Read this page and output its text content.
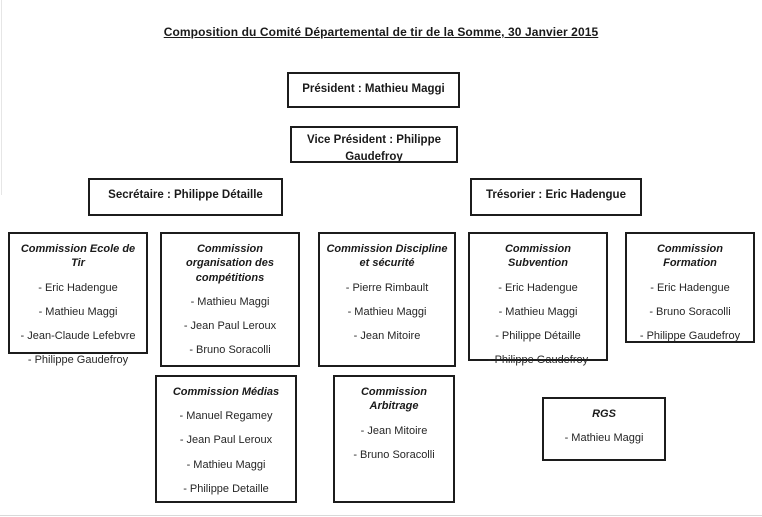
Composition du Comité Départemental de tir de la Somme, 30 Janvier 2015
Président : Mathieu Maggi
Vice Président : Philippe Gaudefroy
Secrétaire : Philippe Détaille	Trésorier : Eric Hadengue
Commission Ecole de Tir
- Eric Hadengue
- Mathieu Maggi
- Jean-Claude Lefebvre
- Philippe Gaudefroy
Commission organisation des compétitions
- Mathieu Maggi
- Jean Paul Leroux
- Bruno Soracolli
Commission Discipline et sécurité
- Pierre Rimbault
- Mathieu Maggi
- Jean Mitoire
Commission Subvention
- Eric Hadengue
- Mathieu Maggi
- Philippe Détaille
- Philippe Gaudefroy
Commission Formation
- Eric Hadengue
- Bruno Soracolli
- Philippe Gaudefroy
Commission Médias
- Manuel Regamey
- Jean Paul Leroux
- Mathieu Maggi
- Philippe Detaille
Commission Arbitrage
- Jean Mitoire
- Bruno Soracolli
RGS
- Mathieu Maggi
